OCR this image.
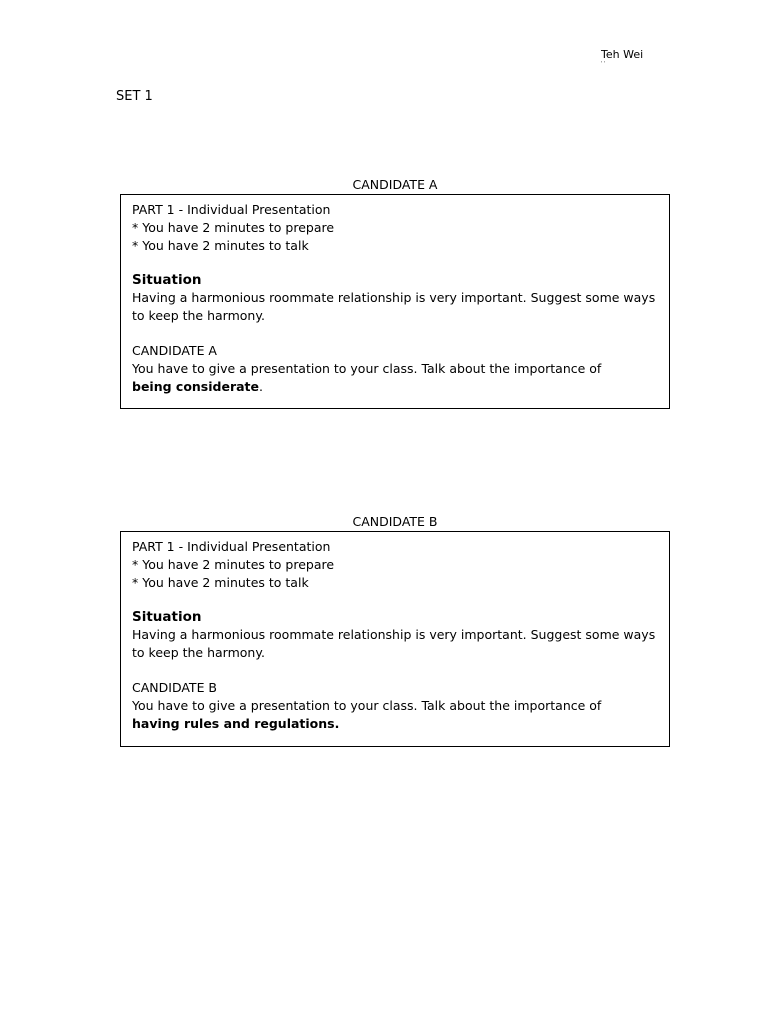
Teh Wei
' '
SET 1
CANDIDATE A
PART 1 - Individual Presentation
* You have 2 minutes to prepare
* You have 2 minutes to talk
Situation
Having a harmonious roommate relationship is very important. Suggest some ways to keep the harmony.
CANDIDATE A
You have to give a presentation to your class. Talk about the importance of
being considerate.
CANDIDATE B
PART 1 - Individual Presentation
* You have 2 minutes to prepare
* You have 2 minutes to talk
Situation
Having a harmonious roommate relationship is very important. Suggest some ways to keep the harmony.
CANDIDATE B
You have to give a presentation to your class. Talk about the importance of
having rules and regulations.
